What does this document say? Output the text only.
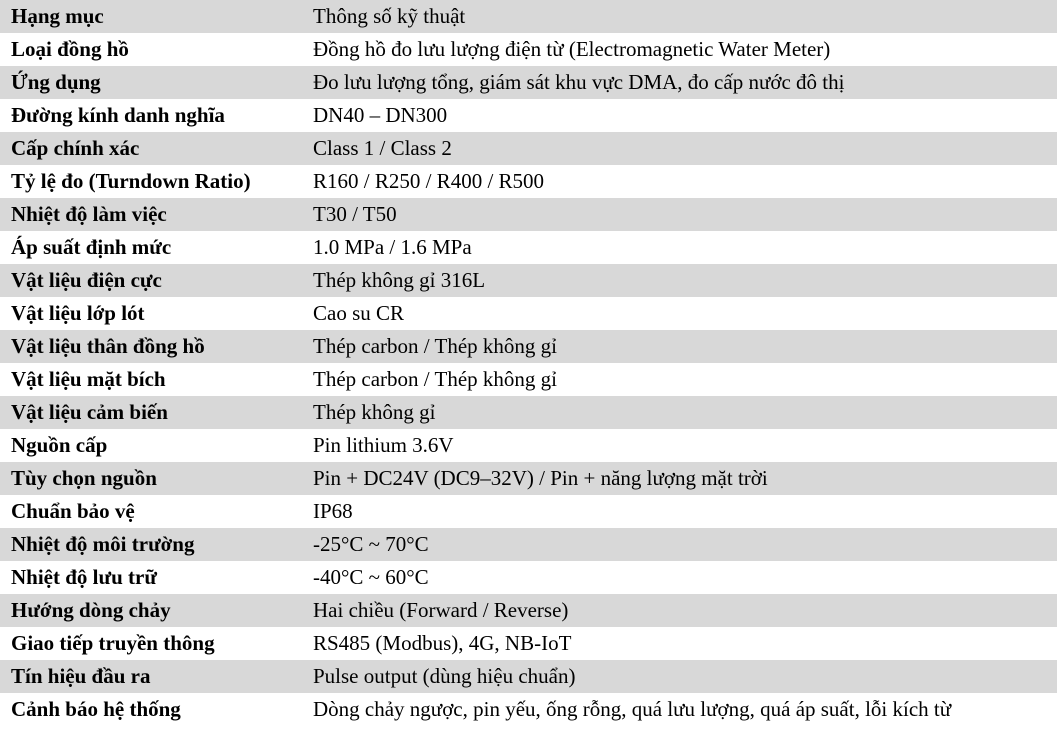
Hạng mục	Thông số kỹ thuật
Loại đồng hồ	Đồng hồ đo lưu lượng điện từ (Electromagnetic Water Meter)
Ứng dụng	Đo lưu lượng tổng, giám sát khu vực DMA, đo cấp nước đô thị
Đường kính danh nghĩa	DN40 – DN300
Cấp chính xác	Class 1 / Class 2
Tỷ lệ đo (Turndown Ratio)	R160 / R250 / R400 / R500
Nhiệt độ làm việc	T30 / T50
Áp suất định mức	1.0 MPa / 1.6 MPa
Vật liệu điện cực	Thép không gỉ 316L
Vật liệu lớp lót	Cao su CR
Vật liệu thân đồng hồ	Thép carbon / Thép không gỉ
Vật liệu mặt bích	Thép carbon / Thép không gỉ
Vật liệu cảm biến	Thép không gỉ
Nguồn cấp	Pin lithium 3.6V
Tùy chọn nguồn	Pin + DC24V (DC9–32V) / Pin + năng lượng mặt trời
Chuẩn bảo vệ	IP68
Nhiệt độ môi trường	-25°C ~ 70°C
Nhiệt độ lưu trữ	-40°C ~ 60°C
Hướng dòng chảy	Hai chiều (Forward / Reverse)
Giao tiếp truyền thông	RS485 (Modbus), 4G, NB-IoT
Tín hiệu đầu ra	Pulse output (dùng hiệu chuẩn)
Cảnh báo hệ thống	Dòng chảy ngược, pin yếu, ống rỗng, quá lưu lượng, quá áp suất, lỗi kích từ
